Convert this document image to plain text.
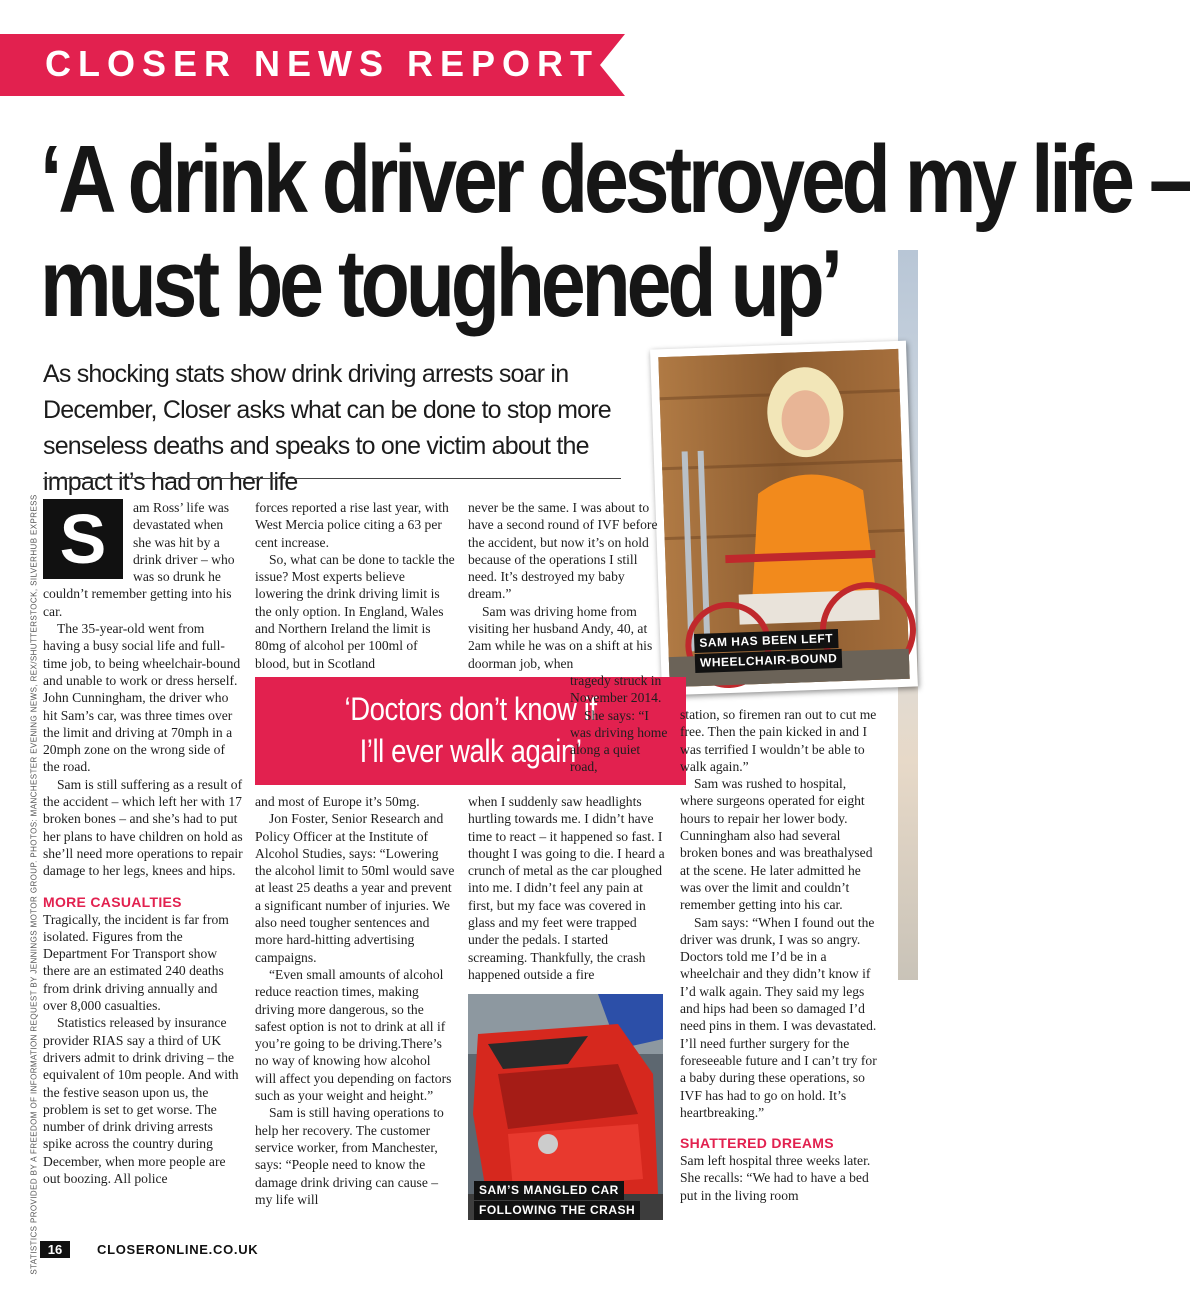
CLOSER NEWS REPORT
‘A drink driver destroyed my life –
must be toughened up’
As shocking stats show drink driving arrests soar in December, Closer asks what can be done to stop more senseless deaths and speaks to one victim about the impact it’s had on her life
SAM HAS BEEN LEFT
WHEELCHAIR-BOUND
S	am Ross’ life was devastated when she was hit by a drink driver – who was so drunk he couldn’t remember getting into his car.

The 35-year-old went from having a busy social life and full-time job, to being wheelchair-bound and unable to work or dress herself. John Cunningham, the driver who hit Sam’s car, was three times over the limit and driving at 70mph in a 20mph zone on the wrong side of the road.

Sam is still suffering as a result of the accident – which left her with 17 broken bones – and she’s had to put her plans to have children on hold as she’ll need more operations to repair damage to her legs, knees and hips.

MORE CASUALTIES

Tragically, the incident is far from isolated. Figures from the Department For Transport show there are an estimated 240 deaths from drink driving annually and over 8,000 casualties.

Statistics released by insurance provider RIAS say a third of UK drivers admit to drink driving – the equivalent of 10m people. And with the festive season upon us, the problem is set to get worse. The number of drink driving arrests spike across the country during December, when more people are out boozing. All police

forces reported a rise last year, with West Mercia police citing a 63 per cent increase.

So, what can be done to tackle the issue? Most experts believe lowering the drink driving limit is the only option. In England, Wales and Northern Ireland the limit is 80mg of alcohol per 100ml of blood, but in Scotland

‘Doctors don’t know if
I’ll ever walk again’

and most of Europe it’s 50mg.

Jon Foster, Senior Research and Policy Officer at the Institute of Alcohol Studies, says: “Lowering the alcohol limit to 50ml would save at least 25 deaths a year and prevent a significant number of injuries. We also need tougher sentences and more hard-hitting advertising campaigns.

“Even small amounts of alcohol reduce reaction times, making driving more dangerous, so the safest option is not to drink at all if you’re going to be driving.There’s no way of knowing how alcohol will affect you depending on factors such as your weight and height.”

Sam is still having operations to help her recovery. The customer service worker, from Manchester, says: “People need to know the damage drink driving can cause – my life will

never be the same. I was about to have a second round of IVF before the accident, but now it’s on hold because of the operations I still need. It’s destroyed my baby dream.”

Sam was driving home from visiting her husband Andy, 40, at 2am while he was on a shift at his doorman job, when

tragedy struck in November 2014.

She says: “I was driving home along a quiet road,

when I suddenly saw headlights hurtling towards me. I didn’t have time to react – it happened so fast. I thought I was going to die. I heard a crunch of metal as the car ploughed into me. I didn’t feel any pain at first, but my face was covered in glass and my feet were trapped under the pedals. I started screaming. Thankfully, the crash happened outside a fire

SAM’S MANGLED CAR
FOLLOWING THE CRASH

station, so firemen ran out to cut me free. Then the pain kicked in and I was terrified I wouldn’t be able to walk again.”

Sam was rushed to hospital, where surgeons operated for eight hours to repair her lower body. Cunningham also had several broken bones and was breathalysed at the scene. He later admitted he was over the limit and couldn’t remember getting into his car.

Sam says: “When I found out the driver was drunk, I was so angry. Doctors told me I’d be in a wheelchair and they didn’t know if I’d walk again. They said my legs and hips had been so damaged I’d need pins in them. I was devastated. I’ll need further surgery for the foreseeable future and I can’t try for a baby during these operations, so IVF has had to go on hold. It’s heartbreaking.”

SHATTERED DREAMS

Sam left hospital three weeks later. She recalls: “We had to have a bed put in the living room

STATISTICS PROVIDED BY A FREEDOM OF INFORMATION REQUEST BY JENNINGS MOTOR GROUP. PHOTOS: MANCHESTER EVENING NEWS, REX/SHUTTERSTOCK, SILVERHUB EXPRESS 16	CLOSERONLINE.CO.UK
